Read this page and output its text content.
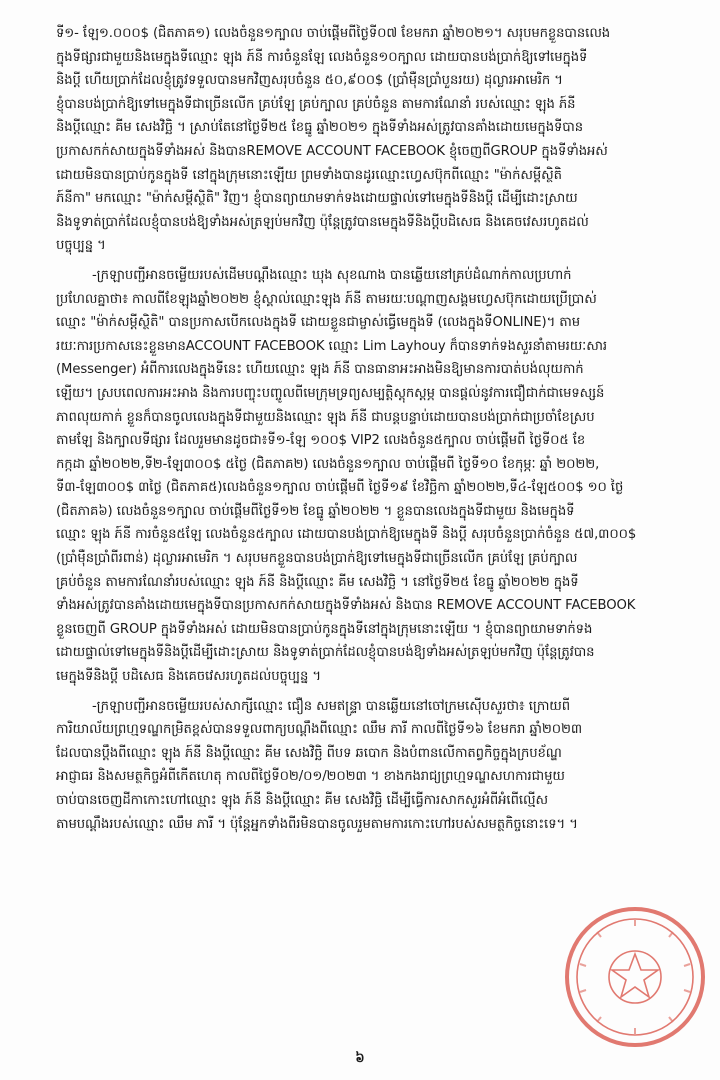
ទី១- ឡែ១.០០០$ (ជិតភាគ១) លេងចំនួន១ក្បាល ចាប់ផ្ដើមពីថ្ងៃទី០៧ ខែមករា ឆ្នាំ២០២១។ សរុបមកខ្លួនបានលេង
ក្នុងទីផ្សារជាមួយនិងមេក្នុងទីឈ្មោះ ឡុង ភ៍នី ការចំនួនឡែ លេងចំនួន១០ក្បាល ដោយបានបង់ប្រាក់ឱ្យទៅមេក្នុងទី
និងប្ដី ហើយប្រាក់ដែលខ្ញុំត្រូវទទួលបានមកវិញសរុបចំនួន ៥០,៩០០$ (ប្រាំម៉ឺនប្រាំបួនរយ) ដុល្លារអាមេរិក ។
ខ្ញុំបានបង់ប្រាក់ឱ្យទៅមេក្នុងទីជាច្រើនលើក គ្រប់ឡែ គ្រប់ក្បាល គ្រប់ចំនួន តាមការណែនាំ របស់ឈ្មោះ ឡុង ភ៍នី
និងប្ដីឈ្មោះ គីម សេងវិច្ឆិ ។ ស្រាប់តែនៅថ្ងៃទី២៥ ខែធ្នូ ឆ្នាំ២០២១ ក្នុងទីទាំងអស់ត្រូវបានគាំងដោយមេក្នុងទីបាន
ប្រកាសកក់សាយក្នុងទីទាំងអស់ និងបានREMOVE ACCOUNT FACEBOOK ខ្ញុំចេញពីGROUP ក្នុងទីទាំងអស់
ដោយមិនបានប្រាប់កូនក្នុងទី នៅក្នុងក្រុមនោះឡើយ ព្រមទាំងបានដូរឈ្មោះហ្វេសប៊ុកពីឈ្មោះ "ម៉ាក់សម្ដីស្ថិតិ
ភ៍នីកា" មកឈ្មោះ "ម៉ាក់សម្ដីស្ថិតិ" វិញ។ ខ្ញុំបានព្យាយាមទាក់ទងដោយផ្ទាល់ទៅមេក្នុងទីនិងប្ដី ដើម្បីដោះស្រាយ
និងទូទាត់ប្រាក់ដែលខ្ញុំបានបង់ឱ្យទាំងអស់ត្រឡប់មកវិញ ប៉ុន្តែត្រូវបានមេក្នុងទីនិងប្ដីបដិសេធ និងគេចវេសរហូតដល់
បច្ចុប្បន្ន ។
-ក្រឡាបញ្ជីអានចម្លើយរបស់ដើមបណ្ដឹងឈ្មោះ ឃុង សុខណាង បានឆ្លើយនៅគ្រប់ដំណាក់កាលប្រហាក់
ប្រហែលគ្នាថា៖ កាលពីខែឡុងឆ្នាំ២០២២ ខ្ញុំស្គាល់ឈ្មោះឡុង ភ៍នី តាមរយៈបណ្ដាញសង្គមហ្វេសប៊ុកដោយប្រើប្រាស់
ឈ្មោះ "ម៉ាក់សម្ដីស្ថិតិ" បានប្រកាសបើកលេងក្នុងទី ដោយខ្លួនជាម្ចាស់ធ្វើមេក្នុងទី (លេងក្នុងទីONLINE)។ តាម
រយៈការប្រកាសនេះខ្លួនមានACCOUNT FACEBOOK ឈ្មោះ Lim Layhouy ក៏បានទាក់ទងសួរនាំតាមរយៈសារ
(Messenger) អំពីការលេងក្នុងទីនេះ ហើយឈ្មោះ ឡុង ភ៍នី បានធានាអះអាងមិនឱ្យមានការបាត់បង់លុយកាក់
ឡើយ។ ស្របពេលការអះអាង និងការបញ្ចុះបញ្ចូលពីមេក្រុមទ្រព្យសម្បត្តិស្ដុកស្ដម្ភ បានផ្ដល់នូវការជឿជាក់ជាមេទស្សន៍
ភាពលុយកាក់ ខ្លួនក៏បានចូលលេងក្នុងទីជាមួយនិងឈ្មោះ ឡុង ភ៍នី ជាបន្តបន្ទាប់ដោយបានបង់ប្រាក់ជាប្រចាំខែស្រប
តាមឡែ និងក្បាលទីផ្សារ ដែលរួមមានដូចជា៖ទី១-ឡែ ១០០$ VIP2 លេងចំនួន៥ក្បាល ចាប់ផ្ដើមពី ថ្ងៃទី០៥ ខែ
កក្កដា ឆ្នាំ២០២២,ទី២-ឡែ៣០០$ ៥ថ្ងៃ (ជិតភាគ២) លេងចំនួន១ក្បាល ចាប់ផ្ដើមពី ថ្ងៃទី១០ ខែកុម្ភៈ ឆ្នាំ ២០២២,
ទី៣-ឡែ៣០០$ ៣ថ្ងៃ (ជិតភាគ៥)លេងចំនួន១ក្បាល ចាប់ផ្ដើមពី ថ្ងៃទី១៩ ខែវិច្ឆិកា ឆ្នាំ២០២២,ទី៤-ឡែ៥០០$ ១០ ថ្ងៃ
(ជិតភាគ៦) លេងចំនួន១ក្បាល ចាប់ផ្ដើមពីថ្ងៃទី១២ ខែធ្នូ ឆ្នាំ២០២២ ។ ខ្លួនបានលេងក្នុងទីជាមួយ និងមេក្នុងទី
ឈ្មោះ ឡុង ភ៍នី ការចំនួន៥ឡែ លេងចំនួន៥ក្បាល ដោយបានបង់ប្រាក់ឱ្យមេក្នុងទី និងប្ដី សរុបចំនួនប្រាក់ចំនួន ៥៧,៣០០$
(ប្រាំម៉ឺនប្រាំពីរពាន់) ដុល្លារអាមេរិក ។ សរុបមកខ្លួនបានបង់ប្រាក់ឱ្យទៅមេក្នុងទីជាច្រើនលើក គ្រប់ឡែ គ្រប់ក្បាល
គ្រប់ចំនួន តាមការណែនាំរបស់ឈ្មោះ ឡុង ភ៍នី និងប្ដីឈ្មោះ គីម សេងវិច្ឆិ ។ នៅថ្ងៃទី២៥ ខែធ្នូ ឆ្នាំ២០២២ ក្នុងទី
ទាំងអស់ត្រូវបានគាំងដោយមេក្នុងទីបានប្រកាសកក់សាយក្នុងទីទាំងអស់ និងបាន REMOVE ACCOUNT FACEBOOK
ខ្លួនចេញពី GROUP ក្នុងទីទាំងអស់ ដោយមិនបានប្រាប់កូនក្នុងទីនៅក្នុងក្រុមនោះឡើយ ។ ខ្ញុំបានព្យាយាមទាក់ទង
ដោយផ្ទាល់ទៅមេក្នុងទីនិងប្ដីដើម្បីដោះស្រាយ និងទូទាត់ប្រាក់ដែលខ្ញុំបានបង់ឱ្យទាំងអស់ត្រឡប់មកវិញ ប៉ុន្តែត្រូវបាន
មេក្នុងទីនិងប្ដី បដិសេធ និងគេចវេសរហូតដល់បច្ចុប្បន្ន ។
-ក្រឡាបញ្ជីអានចម្លើយរបស់សាក្សីឈ្មោះ ជឿន សមឥន្ទ្រា បានឆ្លើយនៅចៅក្រមស៊ើបសួរថា៖ ក្រោយពី
ការិយាល័យព្រហ្មទណ្ឌកម្រិតខ្ពស់បានទទួលពាក្យបណ្ដឹងពីឈ្មោះ ឈឹម ភារី កាលពីថ្ងៃទី១៦ ខែមករា ឆ្នាំ២០២៣
ដែលបានប្ដឹងពីឈ្មោះ ឡុង ភ៍នី និងប្ដីឈ្មោះ គីម សេងវិច្ឆិ ពីបទ ឆបោក និងបំពានលើកាតព្វកិច្ចក្នុងក្របខ័ណ្ឌ
អាជ្ញាធរ និងសមត្ថកិច្ចអំពីកើតហេតុ កាលពីថ្ងៃទី០២/០១/២០២៣ ។ ខាងកងរាជ្យព្រហ្មទណ្ឌសហការជាមួយ
ចាប់បានចេញដីកាកោះហៅឈ្មោះ ឡុង ភ៍នី និងប្ដីឈ្មោះ គីម សេងវិច្ឆិ ដើម្បីធ្វើការសាកសួរអំពីអំពើល្មើស
តាមបណ្ដឹងរបស់ឈ្មោះ ឈឹម ភារី ។ ប៉ុន្តែអ្នកទាំងពីរមិនបានចូលរួមតាមការកោះហៅរបស់សមត្ថកិច្ចនោះទេ។ ។
៦
